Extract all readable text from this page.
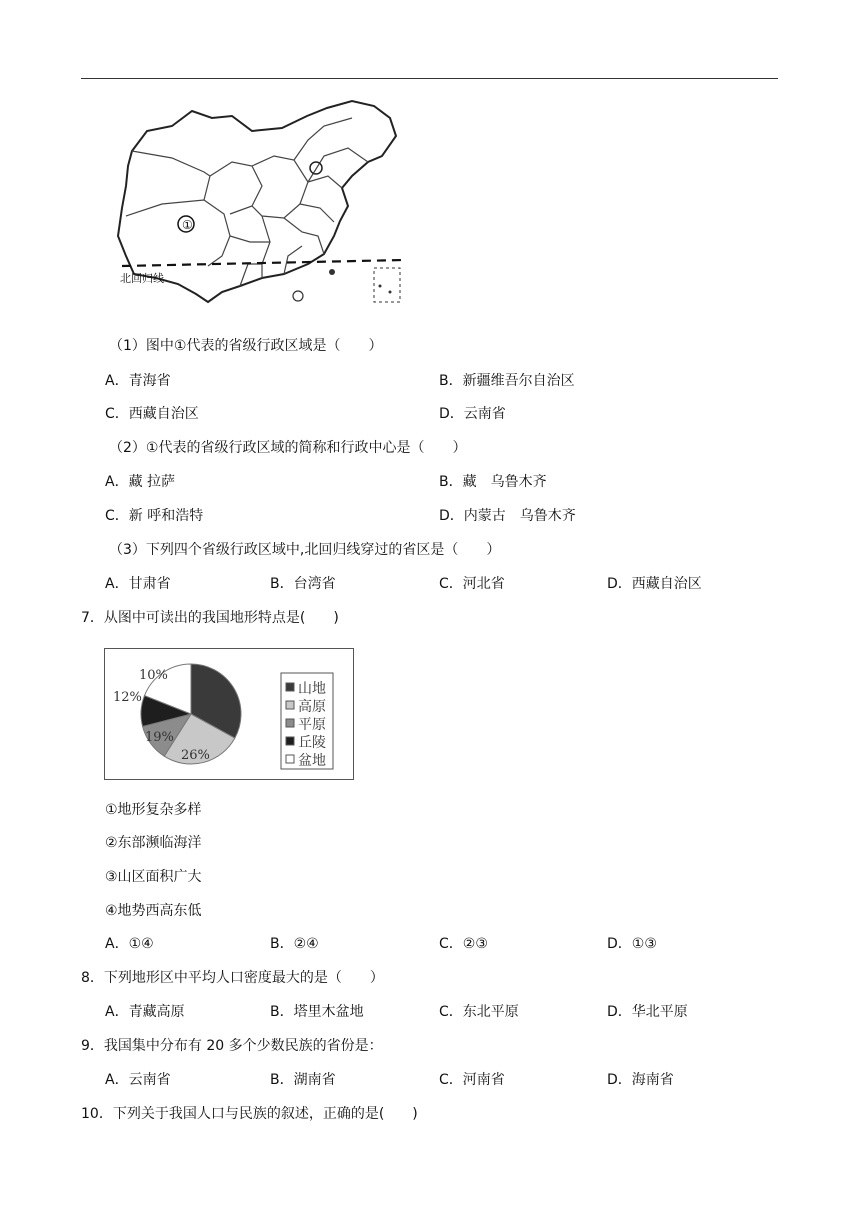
①
北回归线
（1）图中①代表的省级行政区域是（　　）
A．青海省	B．新疆维吾尔自治区
C．西藏自治区	D．云南省
（2）①代表的省级行政区域的简称和行政中心是（　　）
A．藏 拉萨	B．藏　乌鲁木齐
C．新 呼和浩特	D．内蒙古　乌鲁木齐
（3）下列四个省级行政区域中,北回归线穿过的省区是（　　）
A．甘肃省	B．台湾省	C．河北省	D．西藏自治区
7．从图中可读出的我国地形特点是(　　)
26%
12%
10%
19%
山地
高原
平原
丘陵
盆地
①地形复杂多样
②东部濒临海洋
③山区面积广大
④地势西高东低
A．①④	B．②④	C．②③	D．①③
8．下列地形区中平均人口密度最大的是（　　）
A．青藏高原	B．塔里木盆地	C．东北平原	D．华北平原
9．我国集中分布有 20 多个少数民族的省份是：
A．云南省	B．湖南省	C．河南省	D．海南省
10．下列关于我国人口与民族的叙述，正确的是(　　)
